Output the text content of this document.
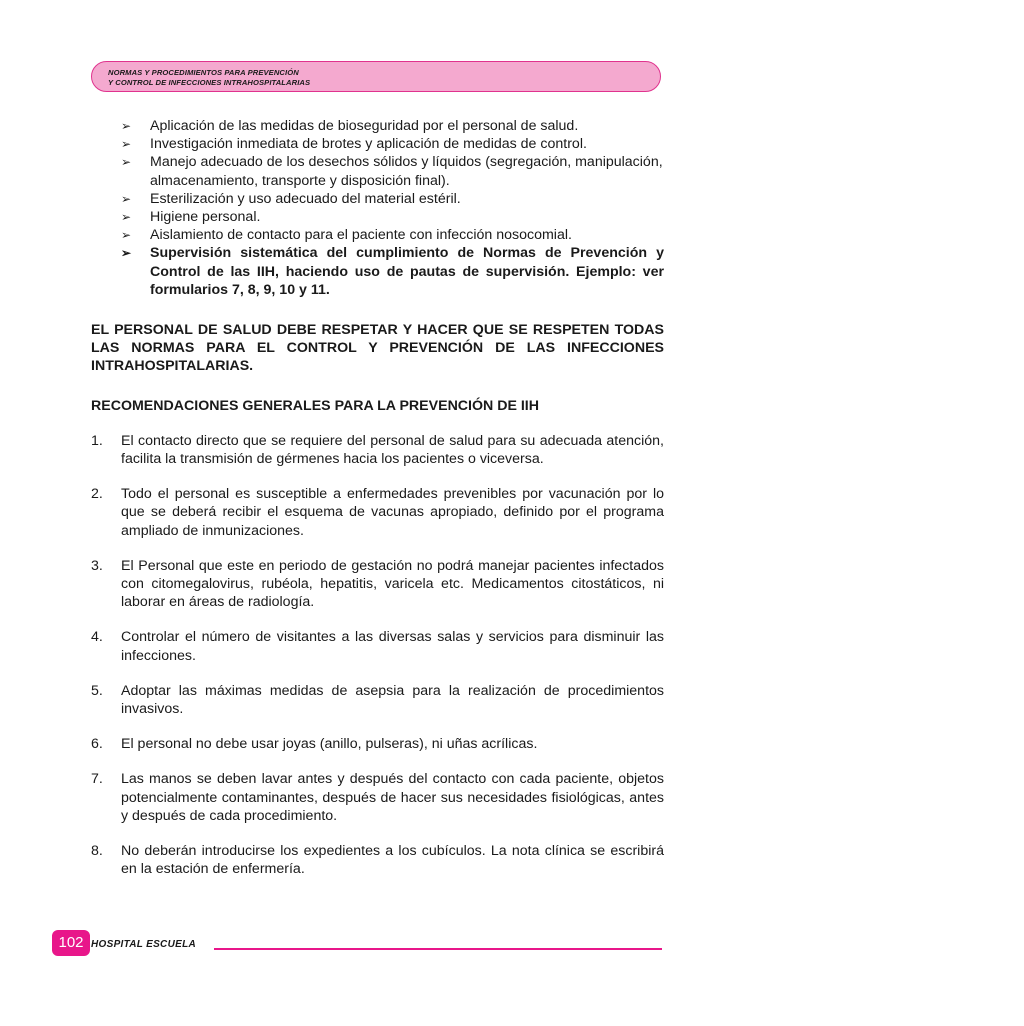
NORMAS Y PROCEDIMIENTOS PARA PREVENCIÓN
Y CONTROL DE INFECCIONES INTRAHOSPITALARIAS
➢ Aplicación de las medidas de bioseguridad por el personal de salud.
➢ Investigación inmediata de brotes y aplicación de medidas de control.
➢ Manejo adecuado de los desechos sólidos y líquidos (segregación, manipulación, almacenamiento, transporte y disposición final).
➢ Esterilización y uso adecuado del material estéril.
➢ Higiene personal.
➢ Aislamiento de contacto para el paciente con infección nosocomial.
➢ Supervisión sistemática del cumplimiento de Normas de Prevención y Control de las IIH, haciendo uso de pautas de supervisión. Ejemplo: ver formularios 7, 8, 9, 10 y 11.

EL PERSONAL DE SALUD DEBE RESPETAR Y HACER QUE SE RESPETEN TODAS LAS NORMAS PARA EL CONTROL Y PREVENCIÓN DE LAS INFECCIONES INTRAHOSPITALARIAS.

RECOMENDACIONES GENERALES PARA LA PREVENCIÓN DE IIH

1. El contacto directo que se requiere del personal de salud para su adecuada atención, facilita la transmisión de gérmenes hacia los pacientes o viceversa.
2. Todo el personal es susceptible a enfermedades prevenibles por vacunación por lo que se deberá recibir el esquema de vacunas apropiado, definido por el programa ampliado de inmunizaciones.
3. El Personal que este en periodo de gestación no podrá manejar pacientes infectados con citomegalovirus, rubéola, hepatitis, varicela etc. Medicamentos citostáticos, ni laborar en áreas de radiología.
4. Controlar el número de visitantes a las diversas salas y servicios para disminuir las infecciones.
5. Adoptar las máximas medidas de asepsia para la realización de procedimientos invasivos.
6. El personal no debe usar joyas (anillo, pulseras), ni uñas acrílicas.
7. Las manos se deben lavar antes y después del contacto con cada paciente, objetos potencialmente contaminantes, después de hacer sus necesidades fisiológicas, antes y después de cada procedimiento.
8. No deberán introducirse los expedientes a los cubículos. La nota clínica se escribirá en la estación de enfermería.
102 HOSPITAL ESCUELA
